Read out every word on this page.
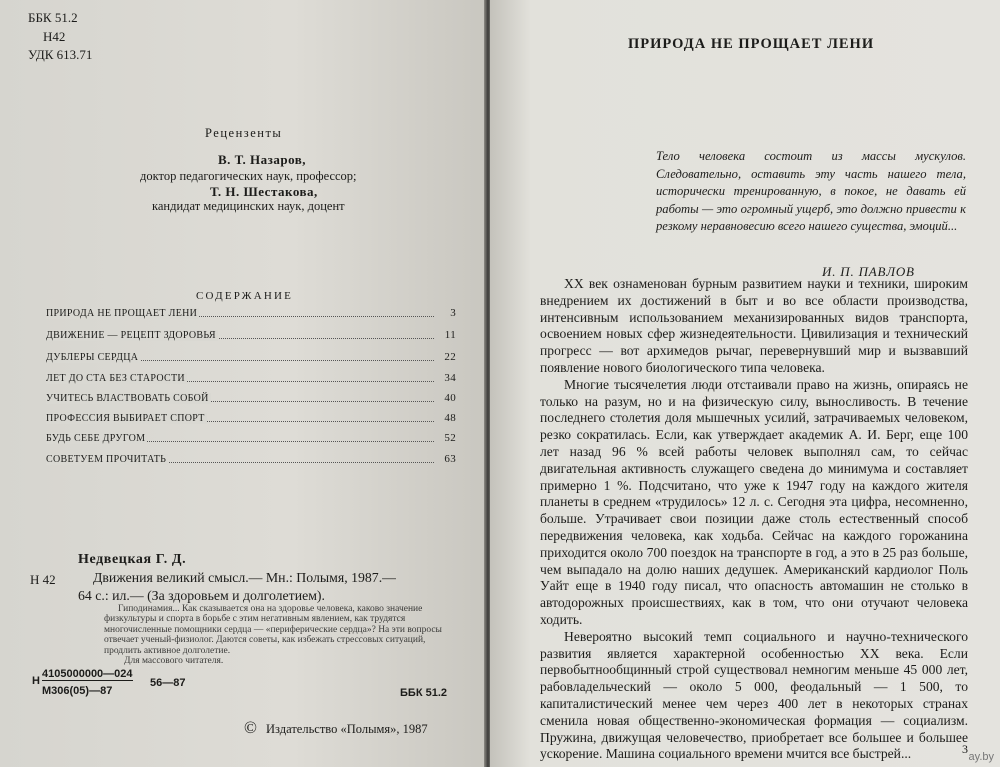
ББК 51.2
Н42
УДК 613.71
Рецензенты
В. Т. Назаров,
доктор педагогических наук, профессор;
Т. Н. Шестакова,
кандидат медицинских наук, доцент
СОДЕРЖАНИЕ
ПРИРОДА НЕ ПРОЩАЕТ ЛЕНИ	3
ДВИЖЕНИЕ — РЕЦЕПТ ЗДОРОВЬЯ	11
ДУБЛЕРЫ СЕРДЦА	22
ЛЕТ ДО СТА БЕЗ СТАРОСТИ	34
УЧИТЕСЬ ВЛАСТВОВАТЬ СОБОЙ	40
ПРОФЕССИЯ ВЫБИРАЕТ СПОРТ	48
БУДЬ СЕБЕ ДРУГОМ	52
СОВЕТУЕМ ПРОЧИТАТЬ	63
Н 42
Недвецкая Г. Д.
Движения великий смысл.— Мн.: Полымя, 1987.—
64 с.: ил.— (За здоровьем и долголетием).
Гиподинамия... Как сказывается она на здоровье человека, каково значение физкультуры и спорта в борьбе с этим негативным явлением, как трудятся многочисленные помощники сердца — «периферические сердца»? На эти вопросы отвечает ученый-физиолог. Даются советы, как избежать стрессовых ситуаций, продлить активное долголетие.
Для массового читателя.
Н
4105000000—024
М306(05)—87
56—87
ББК 51.2
© Издательство «Полымя», 1987
ПРИРОДА НЕ ПРОЩАЕТ ЛЕНИ
Тело человека состоит из массы мускулов. Следовательно, оставить эту часть нашего тела, исторически тренированную, в покое, не давать ей работы — это огромный ущерб, это должно привести к резкому неравновесию всего нашего существа, эмоций...
И. П. ПАВЛОВ

XX век ознаменован бурным развитием науки и техники, широким внедрением их достижений в быт и во все области производства, интенсивным использованием механизированных видов транспорта, освоением новых сфер жизнедеятельности. Цивилизация и технический прогресс — вот архимедов рычаг, перевернувший мир и вызвавший появление нового биологического типа человека.

Многие тысячелетия люди отстаивали право на жизнь, опираясь не только на разум, но и на физическую силу, выносливость. В течение последнего столетия доля мышечных усилий, затрачиваемых человеком, резко сократилась. Если, как утверждает академик А. И. Берг, еще 100 лет назад 96 % всей работы человек выполнял сам, то сейчас двигательная активность служащего сведена до минимума и составляет примерно 1 %. Подсчитано, что уже к 1947 году на каждого жителя планеты в среднем «трудилось» 12 л. с. Сегодня эта цифра, несомненно, больше. Утрачивает свои позиции даже столь естественный способ передвижения человека, как ходьба. Сейчас на каждого горожанина приходится около 700 поездок на транспорте в год, а это в 25 раз больше, чем выпадало на долю наших дедушек. Американский кардиолог Поль Уайт еще в 1940 году писал, что опасность автомашин не столько в автодорожных происшествиях, как в том, что они отучают человека ходить.

Невероятно высокий темп социального и научно-технического развития является характерной особенностью XX века. Если первобытнообщинный строй существовал немногим меньше 45 000 лет, рабовладельческий — около 5 000, феодальный — 1 500, то капиталистический менее чем через 400 лет в некоторых странах сменила новая общественно-экономическая формация — социализм. Пружина, движущая человечество, приобретает все большее и большее ускорение. Машина социального времени мчится все быстрей...	3
ay.by
